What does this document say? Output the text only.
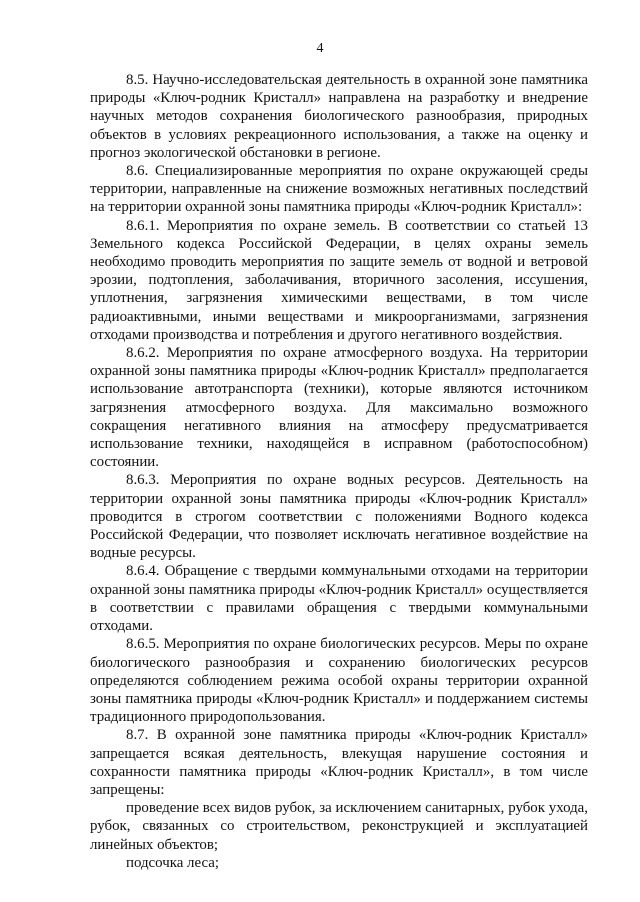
4

8.5. Научно-исследовательская деятельность в охранной зоне памятника природы «Ключ-родник Кристалл» направлена на разработку и внедрение научных методов сохранения биологического разнообразия, природных объектов в условиях рекреационного использования, а также на оценку и прогноз экологической обстановки в регионе.

8.6. Специализированные мероприятия по охране окружающей среды территории, направленные на снижение возможных негативных последствий на территории охранной зоны памятника природы «Ключ-родник Кристалл»:

8.6.1. Мероприятия по охране земель. В соответствии со статьей 13 Земельного кодекса Российской Федерации, в целях охраны земель необходимо проводить мероприятия по защите земель от водной и ветровой эрозии, подтопления, заболачивания, вторичного засоления, иссушения, уплотнения, загрязнения химическими веществами, в том числе радиоактивными, иными веществами и микроорганизмами, загрязнения отходами производства и потребления и другого негативного воздействия.

8.6.2. Мероприятия по охране атмосферного воздуха. На территории охранной зоны памятника природы «Ключ-родник Кристалл» предполагается использование автотранспорта (техники), которые являются источником загрязнения атмосферного воздуха. Для максимально возможного сокращения негативного влияния на атмосферу предусматривается использование техники, находящейся в исправном (работоспособном) состоянии.

8.6.3. Мероприятия по охране водных ресурсов. Деятельность на территории охранной зоны памятника природы «Ключ-родник Кристалл» проводится в строгом соответствии с положениями Водного кодекса Российской Федерации, что позволяет исключать негативное воздействие на водные ресурсы.

8.6.4. Обращение с твердыми коммунальными отходами на территории охранной зоны памятника природы «Ключ-родник Кристалл» осуществляется в соответствии с правилами обращения с твердыми коммунальными отходами.

8.6.5. Мероприятия по охране биологических ресурсов. Меры по охране биологического разнообразия и сохранению биологических ресурсов определяются соблюдением режима особой охраны территории охранной зоны памятника природы «Ключ-родник Кристалл» и поддержанием системы традиционного природопользования.

8.7. В охранной зоне памятника природы «Ключ-родник Кристалл» запрещается всякая деятельность, влекущая нарушение состояния и сохранности памятника природы «Ключ-родник Кристалл», в том числе запрещены:

проведение всех видов рубок, за исключением санитарных, рубок ухода, рубок, связанных со строительством, реконструкцией и эксплуатацией линейных объектов;

подсочка леса;
